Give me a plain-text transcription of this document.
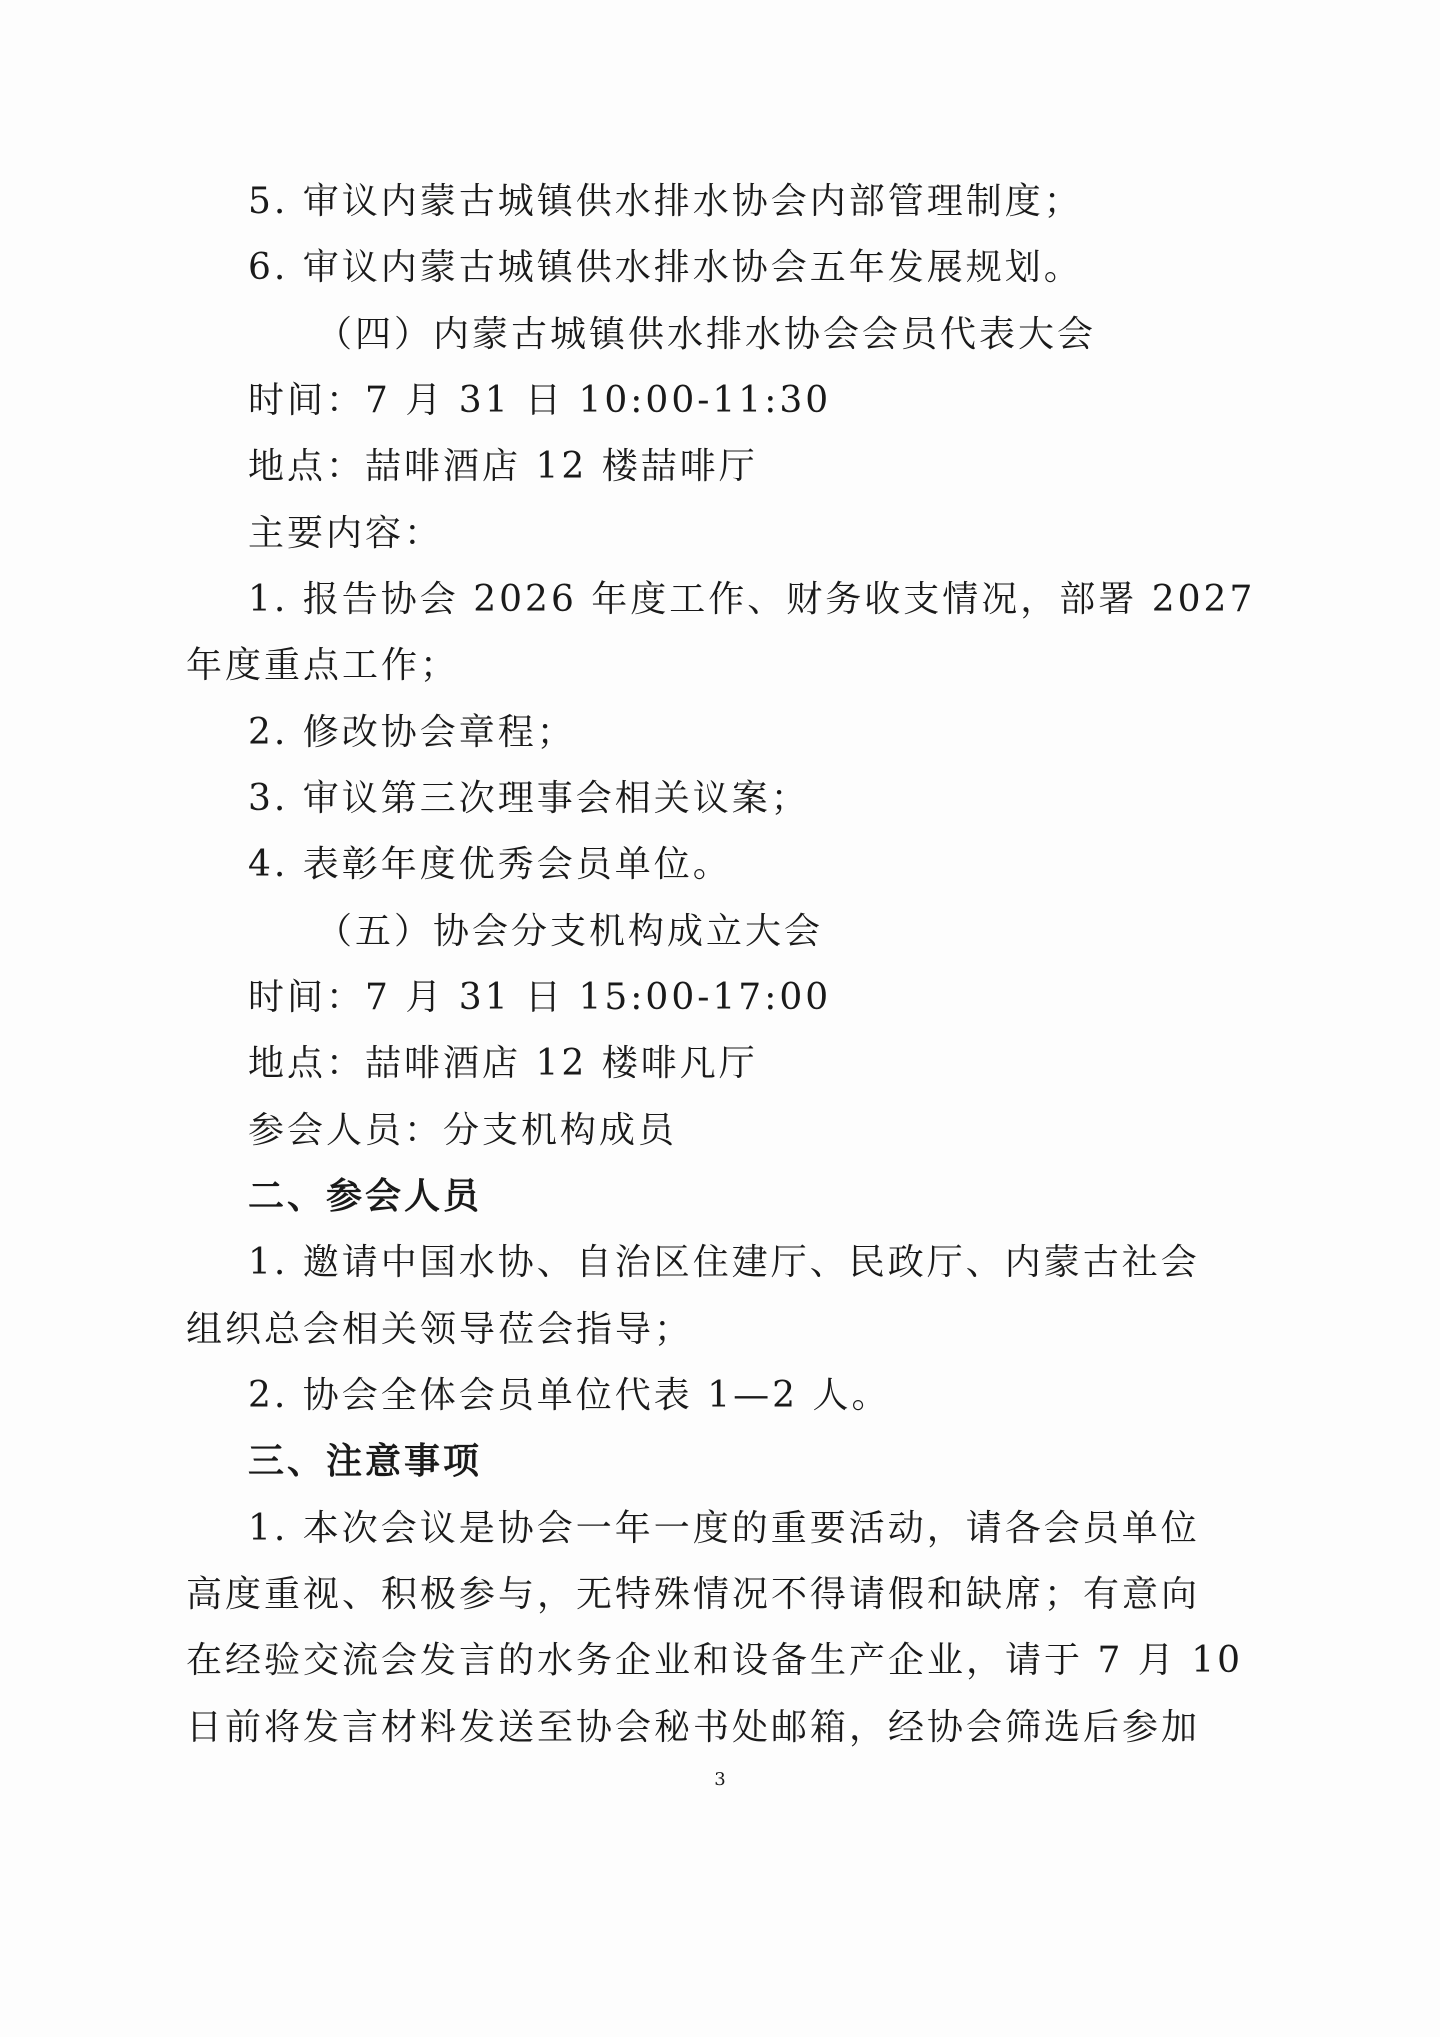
5. 审议内蒙古城镇供水排水协会内部管理制度；
6. 审议内蒙古城镇供水排水协会五年发展规划。
（四）内蒙古城镇供水排水协会会员代表大会
时间：7 月 31 日 10:00-11:30
地点：喆啡酒店 12 楼喆啡厅
主要内容：
1. 报告协会 2026 年度工作、财务收支情况，部署 2027
年度重点工作；
2. 修改协会章程；
3. 审议第三次理事会相关议案；
4. 表彰年度优秀会员单位。
（五）协会分支机构成立大会
时间：7 月 31 日 15:00-17:00
地点：喆啡酒店 12 楼啡凡厅
参会人员：分支机构成员
二、参会人员
1. 邀请中国水协、自治区住建厅、民政厅、内蒙古社会
组织总会相关领导莅会指导；
2. 协会全体会员单位代表 1—2 人。
三、注意事项
1. 本次会议是协会一年一度的重要活动，请各会员单位
高度重视、积极参与，无特殊情况不得请假和缺席；有意向
在经验交流会发言的水务企业和设备生产企业，请于 7 月 10
日前将发言材料发送至协会秘书处邮箱，经协会筛选后参加
3
